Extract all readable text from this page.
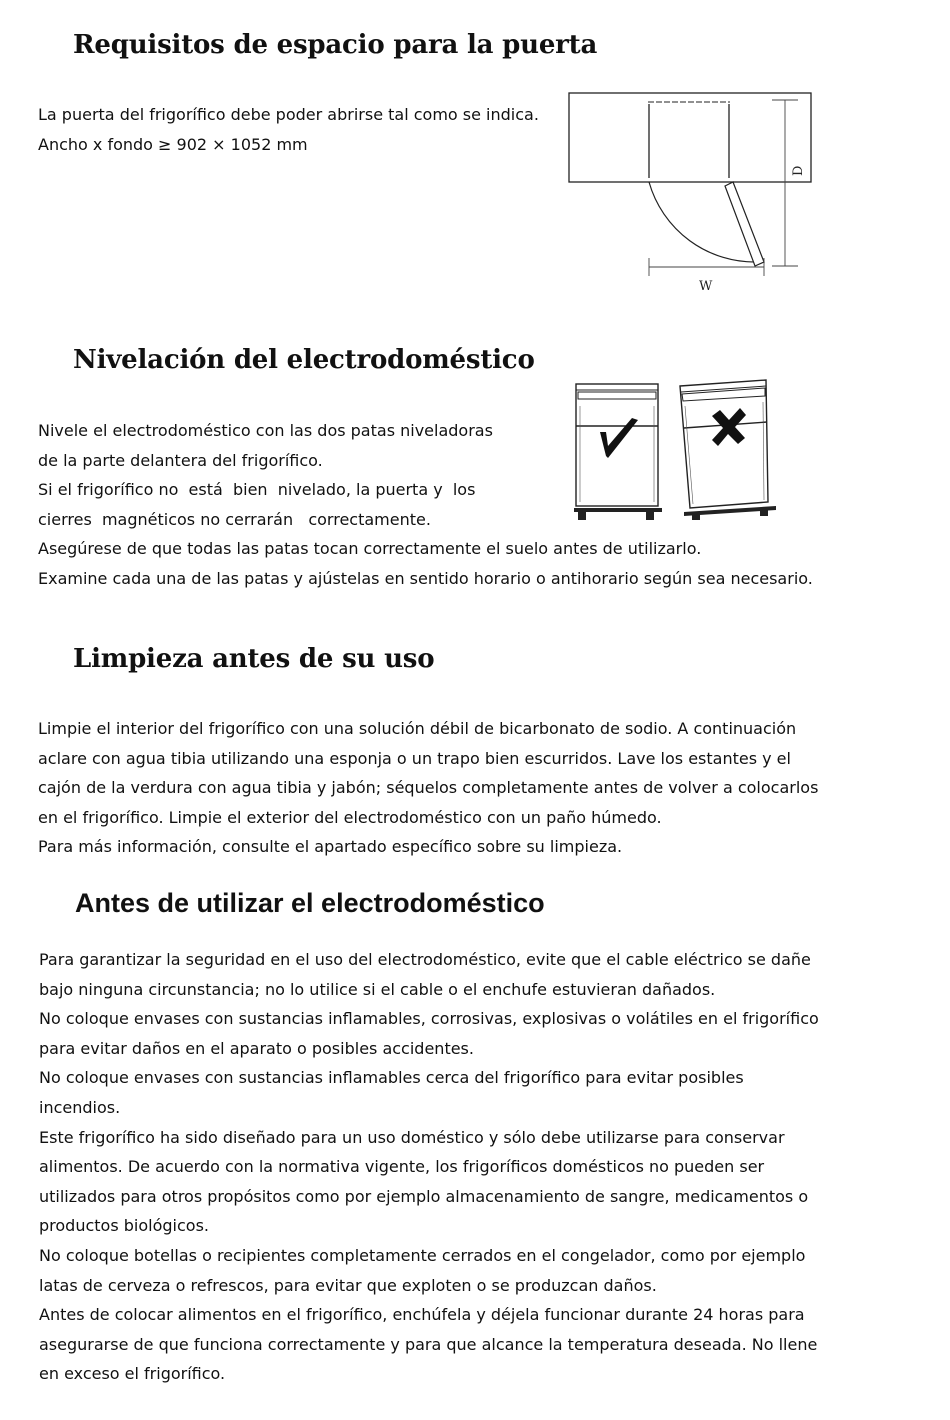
Requisitos de espacio para la puerta

La puerta del frigorífico debe poder abrirse tal como se indica.

Ancho x fondo ≥ 902 × 1052 mm

D
W
Nivelación del electrodoméstico

Nivele el electrodoméstico con las dos patas niveladoras

de la parte delantera del frigorífico.

Si el frigorífico no  está  bien  nivelado, la puerta y  los

cierres  magnéticos no cerrarán   correctamente.

Asegúrese de que todas las patas tocan correctamente el suelo antes de utilizarlo.

Examine cada una de las patas y ajústelas en sentido horario o antihorario según sea necesario.

Limpieza antes de su uso

Limpie el interior del frigorífico con una solución débil de bicarbonato de sodio. A continuación

aclare con agua tibia utilizando una esponja o un trapo bien escurridos. Lave los estantes y el

cajón de la verdura con agua tibia y jabón; séquelos completamente antes de volver a colocarlos

en el frigorífico. Limpie el exterior del electrodoméstico con un paño húmedo.

Para más información, consulte el apartado específico sobre su limpieza.

Antes de utilizar el electrodoméstico

Para garantizar la seguridad en el uso del electrodoméstico, evite que el cable eléctrico se dañe

bajo ninguna circunstancia; no lo utilice si el cable o el enchufe estuvieran dañados.

No coloque envases con sustancias inflamables, corrosivas, explosivas o volátiles en el frigorífico

para evitar daños en el aparato o posibles accidentes.

No coloque envases con sustancias inflamables cerca del frigorífico para evitar posibles incendios.

Este frigorífico ha sido diseñado para un uso doméstico y sólo debe utilizarse para conservar

alimentos. De acuerdo con la normativa vigente, los frigoríficos domésticos no pueden ser

utilizados para otros propósitos como por ejemplo almacenamiento de sangre, medicamentos o

productos biológicos.

No coloque botellas o recipientes completamente cerrados en el congelador, como por ejemplo

latas de cerveza o refrescos, para evitar que exploten o se produzcan daños.

Antes de colocar alimentos en el frigorífico, enchúfela y déjela funcionar durante 24 horas para

asegurarse de que funciona correctamente y para que alcance la temperatura deseada. No llene

en exceso el frigorífico.
